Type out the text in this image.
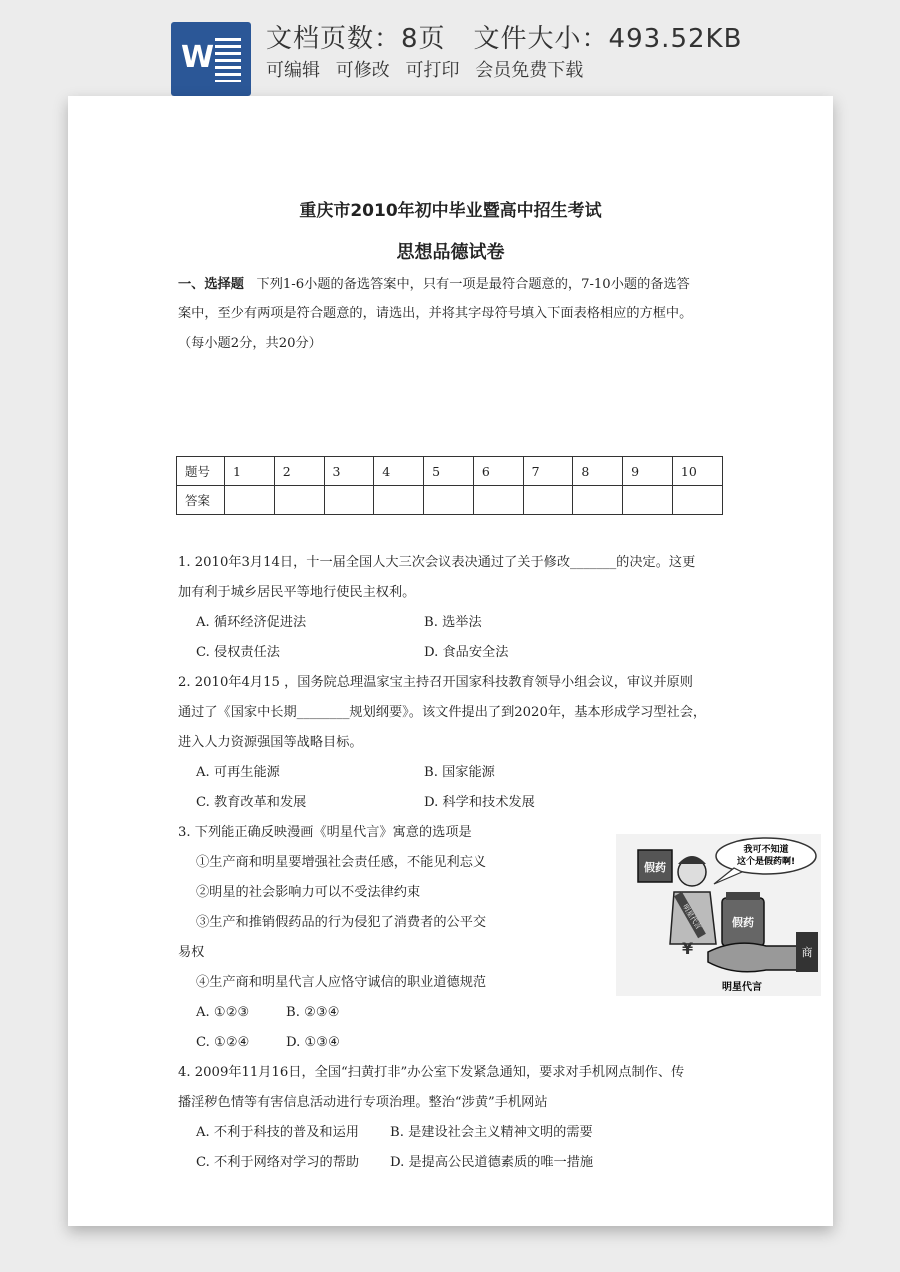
W
文档页数：8页 文件大小：493.52KB
可编辑 可修改 可打印 会员免费下载
重庆市2010年初中毕业暨高中招生考试
思想品德试卷
一、选择题 下列1-6小题的备选答案中，只有一项是最符合题意的，7-10小题的备选答
案中，至少有两项是符合题意的，请选出，并将其字母符号填入下面表格相应的方框中。
（每小题2分，共20分）
题号	1	2	3	4	5	6	7	8	9	10
答案										
1. 2010年3月14日，十一届全国人大三次会议表决通过了关于修改_______的决定。这更
加有利于城乡居民平等地行使民主权利。
A. 循环经济促进法	B. 选举法
C. 侵权责任法	D. 食品安全法
2. 2010年4月15 ，国务院总理温家宝主持召开国家科技教育领导小组会议，审议并原则
通过了《国家中长期________规划纲要》。该文件提出了到2020年，基本形成学习型社会，
进入人力资源强国等战略目标。
A. 可再生能源	B. 国家能源
C. 教育改革和发展	D. 科学和技术发展
3. 下列能正确反映漫画《明星代言》寓意的选项是
①生产商和明星要增强社会责任感，不能见利忘义
②明星的社会影响力可以不受法律约束
③生产和推销假药品的行为侵犯了消费者的公平交
易权
④生产商和明星代言人应恪守诚信的职业道德规范
A. ①②③	B. ②③④
C. ①②④	D. ①③④
我可不知道
这个是假药啊!
明星代言
假药
假药
商
¥
明星代言
4. 2009年11月16日，全国“扫黄打非”办公室下发紧急通知，要求对手机网点制作、传
播淫秽色情等有害信息活动进行专项治理。整治“涉黄”手机网站
A. 不利于科技的普及和运用 B. 是建设社会主义精神文明的需要
C. 不利于网络对学习的帮助 D. 是提高公民道德素质的唯一措施
